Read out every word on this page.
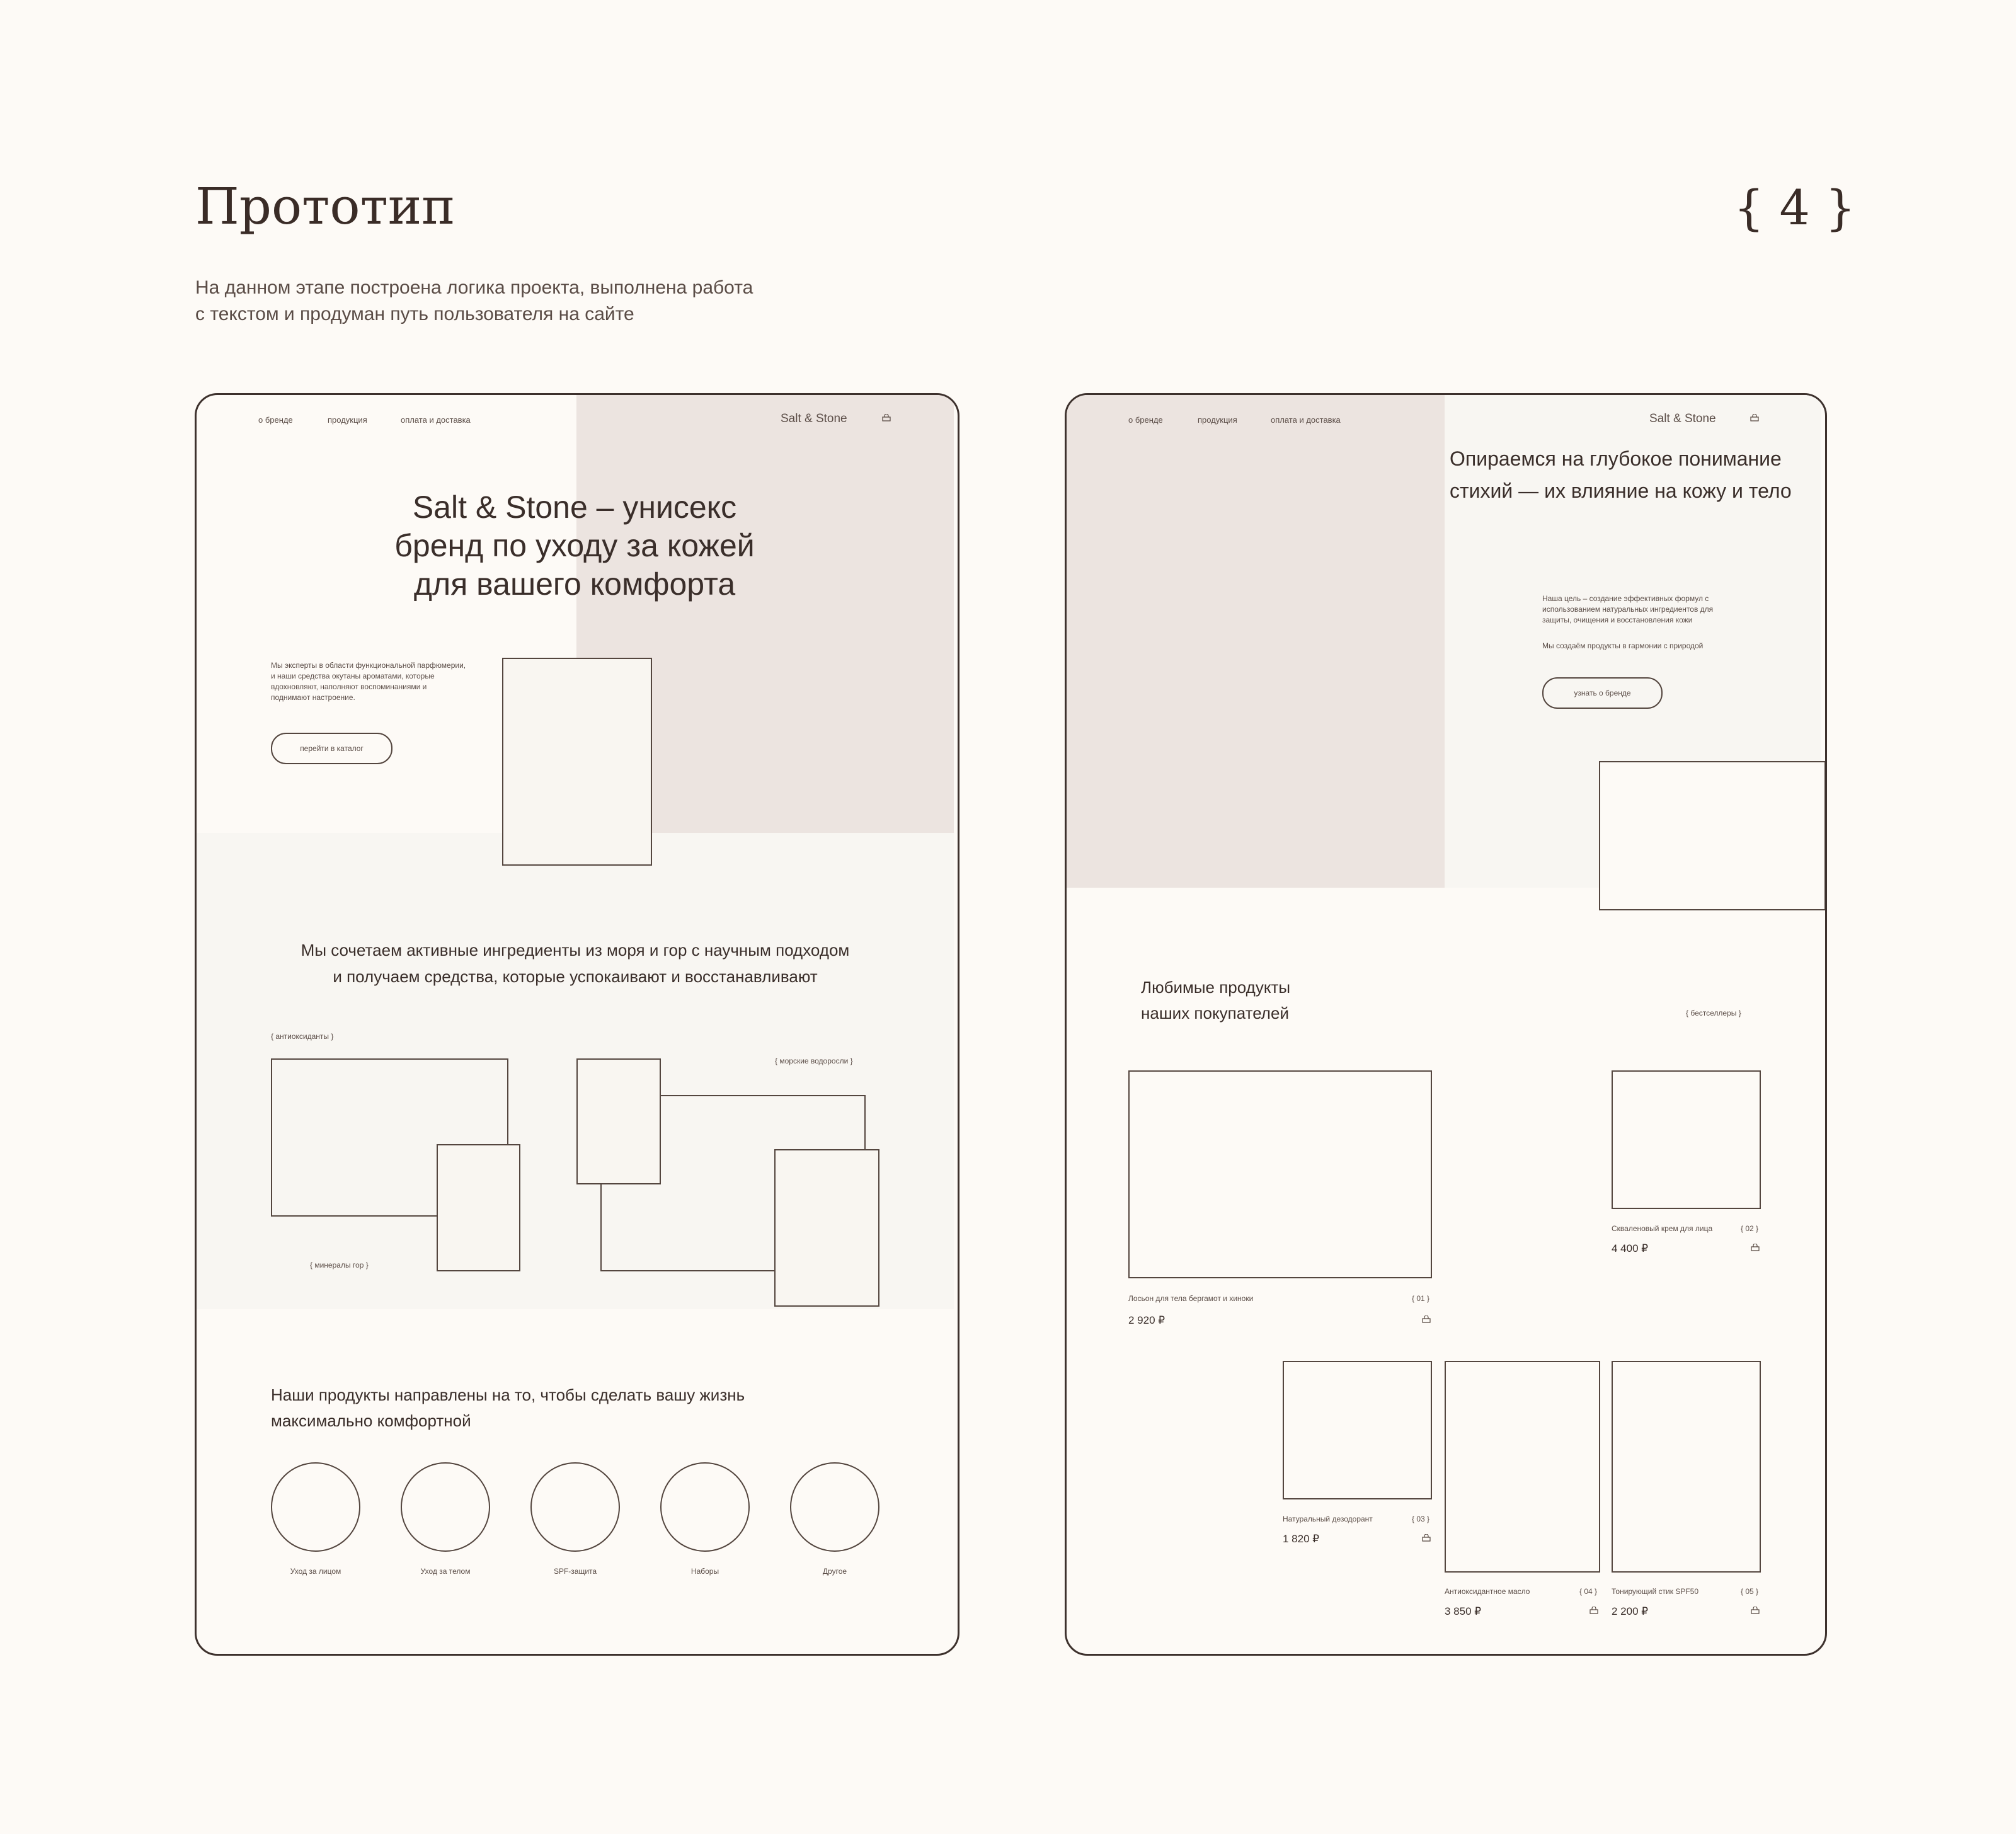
Прототип	{ 4 }
На данном этапе построена логика проекта, выполнена работа с текстом и продуман путь пользователя на сайте
о бренде	продукция	оплата и доставка	Salt & Stone
Salt & Stone – унисекс
бренд по уходу за кожей
для вашего комфорта
Мы эксперты в области функциональной парфюмерии, и наши средства окутаны ароматами, которые вдохновляют, наполняют воспоминаниями и поднимают настроение.
перейти в каталог
Мы сочетаем активные ингредиенты из моря и гор с научным подходом
и получаем средства, которые успокаивают и восстанавливают
{ антиоксиданты }
{ минералы гор }
{ морские водоросли }
Наши продукты направлены на то, чтобы сделать вашу жизнь
максимально комфортной
Уход за лицом	Уход за телом	SPF-защита	Наборы	Другое
о бренде	продукция	оплата и доставка	Salt & Stone
Опираемся на глубокое понимание
стихий — их влияние на кожу и тело
Наша цель – создание эффективных формул с использованием натуральных ингредиентов для защиты, очищения и восстановления кожи
Мы создаём продукты в гармонии с природой
узнать о бренде
Любимые продукты
наших покупателей	{ бестселлеры }
Лосьон для тела бергамот и хиноки	{ 01 }
2 920 ₽
Скваленовый крем для лица	{ 02 }
4 400 ₽
Натуральный дезодорант	{ 03 }
1 820 ₽
Антиоксидантное масло	{ 04 }
3 850 ₽
Тонирующий стик SPF50	{ 05 }
2 200 ₽
